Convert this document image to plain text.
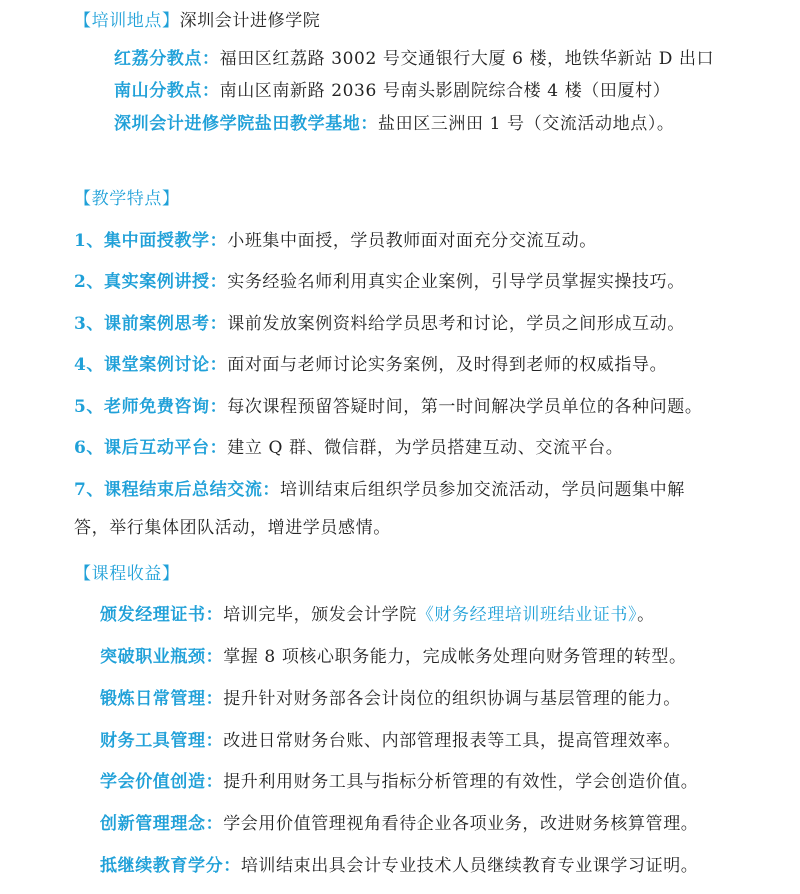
【培训地点】深圳会计进修学院
红荔分教点：福田区红荔路 3002 号交通银行大厦 6 楼，地铁华新站 D 出口
南山分教点：南山区南新路 2036 号南头影剧院综合楼 4 楼（田厦村）
深圳会计进修学院盐田教学基地：盐田区三洲田 1 号（交流活动地点）。
【教学特点】
1、集中面授教学：小班集中面授，学员教师面对面充分交流互动。
2、真实案例讲授：实务经验名师利用真实企业案例，引导学员掌握实操技巧。
3、课前案例思考：课前发放案例资料给学员思考和讨论，学员之间形成互动。
4、课堂案例讨论：面对面与老师讨论实务案例，及时得到老师的权威指导。
5、老师免费咨询：每次课程预留答疑时间，第一时间解决学员单位的各种问题。
6、课后互动平台：建立 Q 群、微信群，为学员搭建互动、交流平台。
7、课程结束后总结交流：培训结束后组织学员参加交流活动，学员问题集中解
答，举行集体团队活动，增进学员感情。
【课程收益】
颁发经理证书：培训完毕，颁发会计学院《财务经理培训班结业证书》。
突破职业瓶颈：掌握 8 项核心职务能力，完成帐务处理向财务管理的转型。
锻炼日常管理：提升针对财务部各会计岗位的组织协调与基层管理的能力。
财务工具管理：改进日常财务台账、内部管理报表等工具，提高管理效率。
学会价值创造：提升利用财务工具与指标分析管理的有效性，学会创造价值。
创新管理理念：学会用价值管理视角看待企业各项业务，改进财务核算管理。
抵继续教育学分：培训结束出具会计专业技术人员继续教育专业课学习证明。
